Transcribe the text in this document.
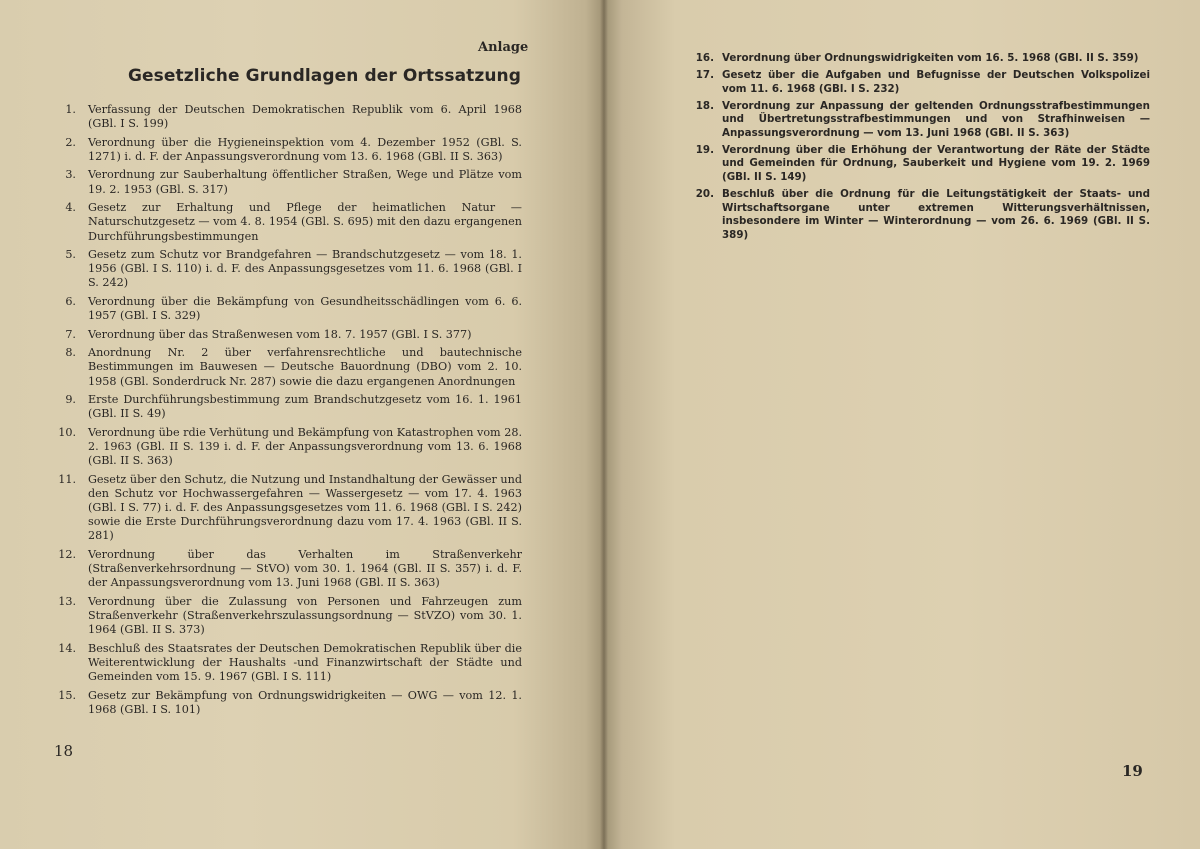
Anlage
Gesetzliche Grundlagen der Ortssatzung
1.	Verfassung der Deutschen Demokratischen Republik vom 6. April 1968 (GBl. I S. 199)
2.	Verordnung über die Hygieneinspektion vom 4. Dezember 1952 (GBl. S. 1271) i. d. F. der Anpassungsverordnung vom 13. 6. 1968 (GBl. II S. 363)
3.	Verordnung zur Sauberhaltung öffentlicher Straßen, Wege und Plätze vom 19. 2. 1953 (GBl. S. 317)
4.	Gesetz zur Erhaltung und Pflege der heimatlichen Natur — Naturschutzgesetz — vom 4. 8. 1954 (GBl. S. 695) mit den dazu ergangenen Durchführungsbestimmungen
5.	Gesetz zum Schutz vor Brandgefahren — Brandschutzgesetz — vom 18. 1. 1956 (GBl. I S. 110) i. d. F. des Anpassungsgesetzes vom 11. 6. 1968 (GBl. I S. 242)
6.	Verordnung über die Bekämpfung von Gesundheitsschädlingen vom 6. 6. 1957 (GBl. I S. 329)
7.	Verordnung über das Straßenwesen vom 18. 7. 1957 (GBl. I S. 377)
8.	Anordnung Nr. 2 über verfahrensrechtliche und bautechnische Bestimmungen im Bauwesen — Deutsche Bauordnung (DBO) vom 2. 10. 1958 (GBl. Sonderdruck Nr. 287) sowie die dazu ergangenen Anordnungen
9.	Erste Durchführungsbestimmung zum Brandschutzgesetz vom 16. 1. 1961 (GBl. II S. 49)
10.	Verordnung übe rdie Verhütung und Bekämpfung von Katastrophen vom 28. 2. 1963 (GBl. II S. 139 i. d. F. der Anpassungsverordnung vom 13. 6. 1968 (GBl. II S. 363)
11.	Gesetz über den Schutz, die Nutzung und Instandhaltung der Gewässer und den Schutz vor Hochwassergefahren — Wassergesetz — vom 17. 4. 1963 (GBl. I S. 77) i. d. F. des Anpassungsgesetzes vom 11. 6. 1968 (GBl. I S. 242) sowie die Erste Durchführungsverordnung dazu vom 17. 4. 1963 (GBl. II S. 281)
12.	Verordnung über das Verhalten im Straßenverkehr (Straßenverkehrsordnung — StVO) vom 30. 1. 1964 (GBl. II S. 357) i. d. F. der Anpassungsverordnung vom 13. Juni 1968 (GBl. II S. 363)
13.	Verordnung über die Zulassung von Personen und Fahrzeugen zum Straßenverkehr (Straßenverkehrszulassungsordnung — StVZO) vom 30. 1. 1964 (GBl. II S. 373)
14.	Beschluß des Staatsrates der Deutschen Demokratischen Republik über die Weiterentwicklung der Haushalts -und Finanzwirtschaft der Städte und Gemeinden vom 15. 9. 1967 (GBl. I S. 111)
15.	Gesetz zur Bekämpfung von Ordnungswidrigkeiten — OWG — vom 12. 1. 1968 (GBl. I S. 101)
18
16. Verordnung über Ordnungswidrigkeiten vom 16. 5. 1968 (GBl. II S. 359)
17. Gesetz über die Aufgaben und Befugnisse der Deutschen Volkspolizei vom 11. 6. 1968 (GBl. I S. 232)
18. Verordnung zur Anpassung der geltenden Ordnungsstrafbestimmungen und Übertretungsstrafbestimmungen und von Strafhinweisen — Anpassungsverordnung — vom 13. Juni 1968 (GBl. II S. 363)
19. Verordnung über die Erhöhung der Verantwortung der Räte der Städte und Gemeinden für Ordnung, Sauberkeit und Hygiene vom 19. 2. 1969 (GBl. II S. 149)
20. Beschluß über die Ordnung für die Leitungstätigkeit der Staats- und Wirtschaftsorgane unter extremen Witterungsverhältnissen, insbesondere im Winter — Winterordnung — vom 26. 6. 1969 (GBl. II S. 389)
19
